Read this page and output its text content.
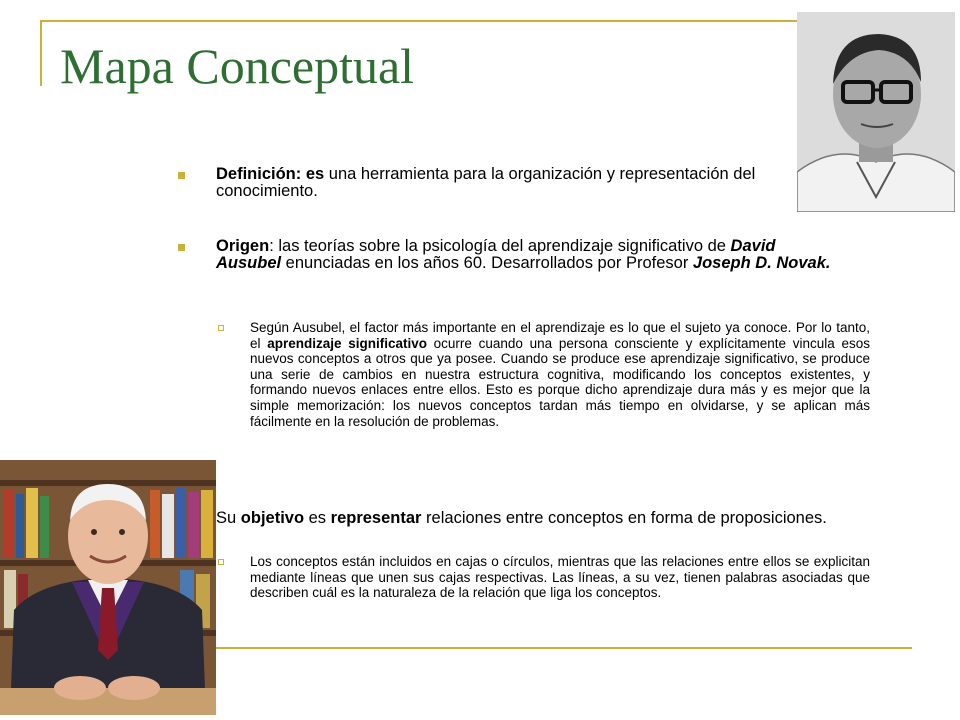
Mapa Conceptual
Definición: es una herramienta para la organización y representación del conocimiento.
Origen: las teorías sobre la psicología del aprendizaje significativo de David Ausubel enunciadas en los años 60. Desarrollados por Profesor Joseph D. Novak.
Según Ausubel, el factor más importante en el aprendizaje es lo que el sujeto ya conoce. Por lo tanto, el aprendizaje significativo ocurre cuando una persona consciente y explícitamente vincula esos nuevos conceptos a otros que ya posee. Cuando se produce ese aprendizaje significativo, se produce una serie de cambios en nuestra estructura cognitiva, modificando los conceptos existentes, y formando nuevos enlaces entre ellos. Esto es porque dicho aprendizaje dura más y es mejor que la simple memorización: los nuevos conceptos tardan más tiempo en olvidarse, y se aplican más fácilmente en la resolución de problemas.
Su objetivo es representar relaciones entre conceptos en forma de proposiciones.
Los conceptos están incluidos en cajas o círculos, mientras que las relaciones entre ellos se explicitan mediante líneas que unen sus cajas respectivas. Las líneas, a su vez, tienen palabras asociadas que describen cuál es la naturaleza de la relación que liga los conceptos.
